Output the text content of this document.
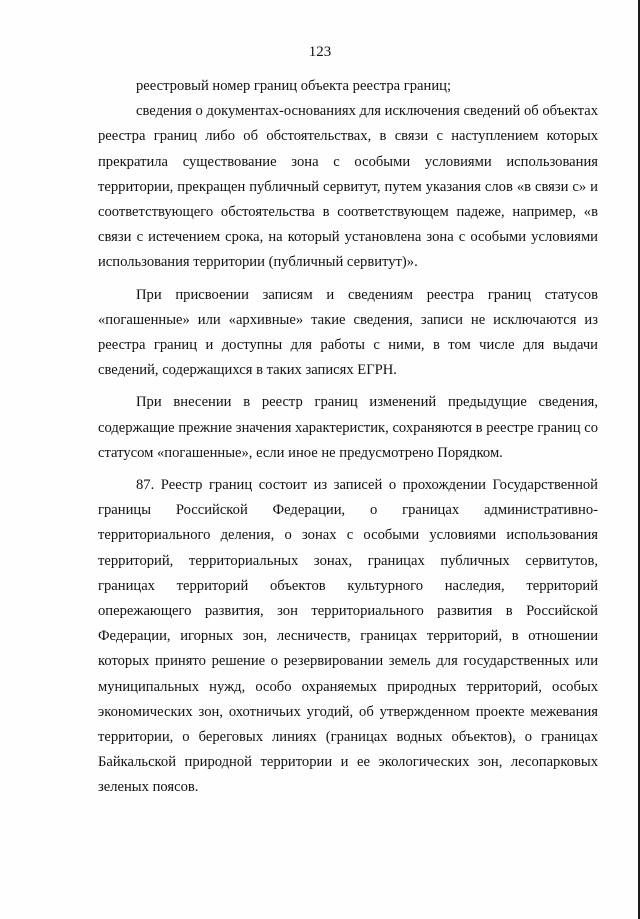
123

реестровый номер границ объекта реестра границ;

сведения о документах-основаниях для исключения сведений об объектах реестра границ либо об обстоятельствах, в связи с наступлением которых прекратила существование зона с особыми условиями использования территории, прекращен публичный сервитут, путем указания слов «в связи с» и соответствующего обстоятельства в соответствующем падеже, например, «в связи с истечением срока, на который установлена зона с особыми условиями использования территории (публичный сервитут)».

При присвоении записям и сведениям реестра границ статусов «погашенные» или «архивные» такие сведения, записи не исключаются из реестра границ и доступны для работы с ними, в том числе для выдачи сведений, содержащихся в таких записях ЕГРН.

При внесении в реестр границ изменений предыдущие сведения, содержащие прежние значения характеристик, сохраняются в реестре границ со статусом «погашенные», если иное не предусмотрено Порядком.

87. Реестр границ состоит из записей о прохождении Государственной границы Российской Федерации, о границах административно-территориального деления, о зонах с особыми условиями использования территорий, территориальных зонах, границах публичных сервитутов, границах территорий объектов культурного наследия, территорий опережающего развития, зон территориального развития в Российской Федерации, игорных зон, лесничеств, границах территорий, в отношении которых принято решение о резервировании земель для государственных или муниципальных нужд, особо охраняемых природных территорий, особых экономических зон, охотничьих угодий, об утвержденном проекте межевания территории, о береговых линиях (границах водных объектов), о границах Байкальской природной территории и ее экологических зон, лесопарковых зеленых поясов.
